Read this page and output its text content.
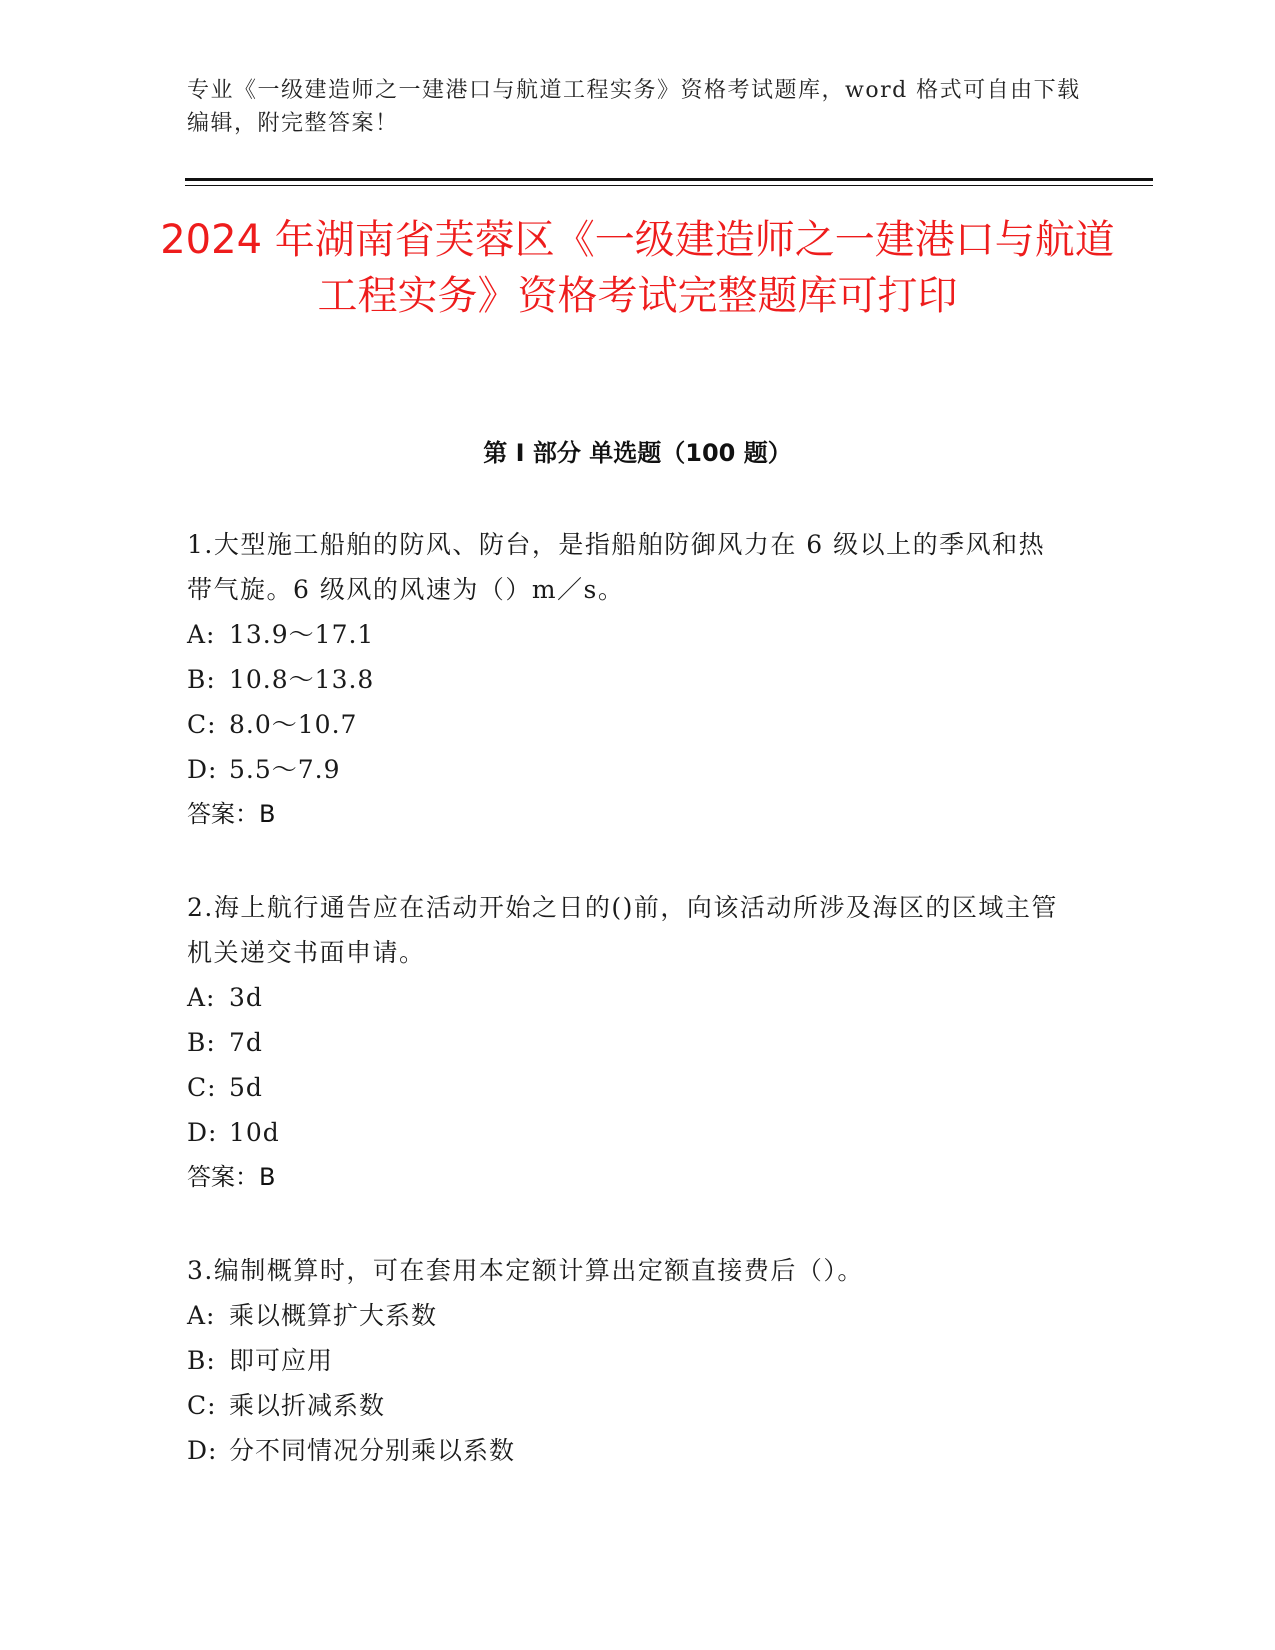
专业《一级建造师之一建港口与航道工程实务》资格考试题库，word 格式可自由下载编辑，附完整答案！
2024 年湖南省芙蓉区《一级建造师之一建港口与航道工程实务》资格考试完整题库可打印
第 I 部分 单选题（100 题）

1.大型施工船舶的防风、防台，是指船舶防御风力在 6 级以上的季风和热带气旋。6 级风的风速为（）m／s。

A: 13.9～17.1

B: 10.8～13.8

C: 8.0～10.7

D: 5.5～7.9

答案：B

2.海上航行通告应在活动开始之日的()前，向该活动所涉及海区的区域主管机关递交书面申请。

A: 3d

B: 7d

C: 5d

D: 10d

答案：B

3.编制概算时，可在套用本定额计算出定额直接费后（）。

A: 乘以概算扩大系数

B: 即可应用

C: 乘以折减系数

D: 分不同情况分别乘以系数
